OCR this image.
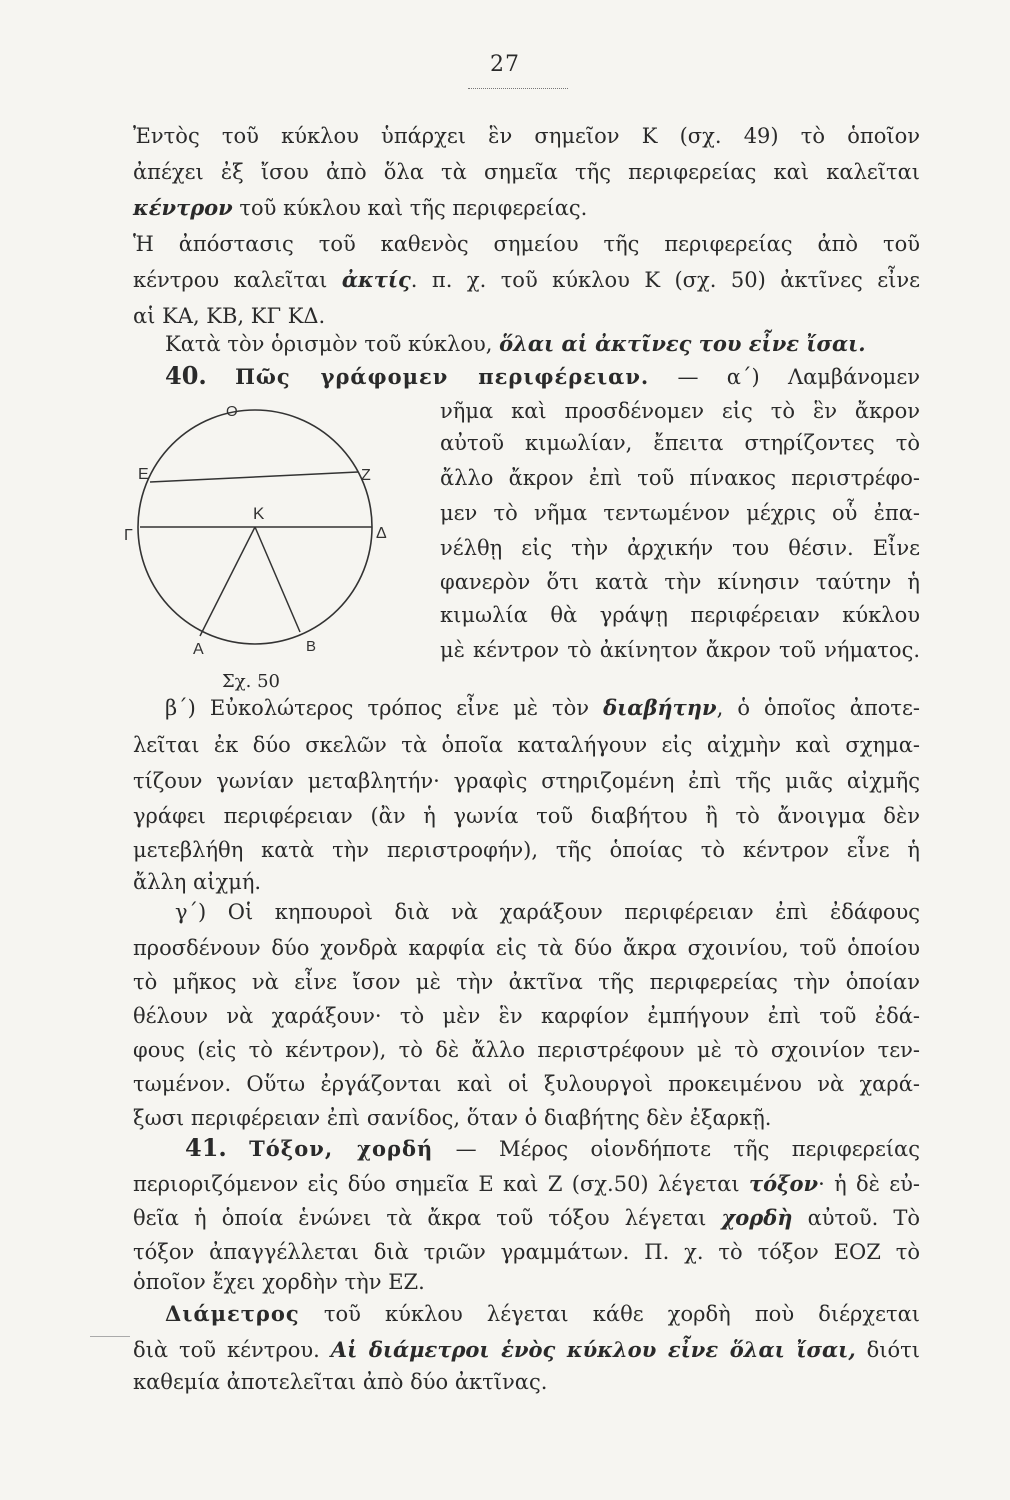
27
Ἐντὸς τοῦ κύκλου ὑπάρχει ἓν σημεῖον Κ (σχ. 49) τὸ ὁποῖον
ἀπέχει ἐξ ἴσου ἀπὸ ὅλα τὰ σημεῖα τῆς περιφερείας καὶ καλεῖται
κέντρον τοῦ κύκλου καὶ τῆς περιφερείας.
Ἡ ἀπόστασις τοῦ καθενὸς σημείου τῆς περιφερείας ἀπὸ τοῦ
κέντρου καλεῖται ἀκτίς. π. χ. τοῦ κύκλου Κ (σχ. 50) ἀκτῖνες εἶνε
αἱ ΚΑ, ΚΒ, ΚΓ ΚΔ.
Κατὰ τὸν ὁρισμὸν τοῦ κύκλου, ὅλαι αἱ ἀκτῖνες του εἶνε ἴσαι.
40. Πῶς γράφομεν περιφέρειαν. — α΄) Λαμβάνομεν
νῆμα καὶ προσδένομεν εἰς τὸ ἓν ἄκρον
αὐτοῦ κιμωλίαν, ἔπειτα στηρίζοντες τὸ
ἄλλο ἄκρον ἐπὶ τοῦ πίνακος περιστρέφο-
μεν τὸ νῆμα τεντωμένον μέχρις οὗ ἐπα-
νέλθῃ εἰς τὴν ἀρχικήν του θέσιν. Εἶνε
φανερὸν ὅτι κατὰ τὴν κίνησιν ταύτην ἡ
κιμωλία θὰ γράψῃ περιφέρειαν κύκλου
μὲ κέντρον τὸ ἀκίνητον ἄκρον τοῦ νήματος.
O
E	Z
Γ
K
Δ
A	B
Σχ. 50
β΄) Εὐκολώτερος τρόπος εἶνε μὲ τὸν διαβήτην, ὁ ὁποῖος ἀποτε-
λεῖται ἐκ δύο σκελῶν τὰ ὁποῖα καταλήγουν εἰς αἰχμὴν καὶ σχημα-
τίζουν γωνίαν μεταβλητήν· γραφὶς στηριζομένη ἐπὶ τῆς μιᾶς αἰχμῆς
γράφει περιφέρειαν (ἂν ἡ γωνία τοῦ διαβήτου ἢ τὸ ἄνοιγμα δὲν
μετεβλήθη κατὰ τὴν περιστροφήν), τῆς ὁποίας τὸ κέντρον εἶνε ἡ
ἄλλη αἰχμή.
γ΄) Οἱ κηπουροὶ διὰ νὰ χαράξουν περιφέρειαν ἐπὶ ἐδάφους
προσδένουν δύο χονδρὰ καρφία εἰς τὰ δύο ἄκρα σχοινίου, τοῦ ὁποίου
τὸ μῆκος νὰ εἶνε ἴσον μὲ τὴν ἀκτῖνα τῆς περιφερείας τὴν ὁποίαν
θέλουν νὰ χαράξουν· τὸ μὲν ἓν καρφίον ἐμπήγουν ἐπὶ τοῦ ἐδά-
φους (εἰς τὸ κέντρον), τὸ δὲ ἄλλο περιστρέφουν μὲ τὸ σχοινίον τεν-
τωμένον. Οὕτω ἐργάζονται καὶ οἱ ξυλουργοὶ προκειμένου νὰ χαρά-
ξωσι περιφέρειαν ἐπὶ σανίδος, ὅταν ὁ διαβήτης δὲν ἐξαρκῇ.
41. Τόξον, χορδή — Μέρος οἱονδήποτε τῆς περιφερείας
περιοριζόμενον εἰς δύο σημεῖα Ε καὶ Ζ (σχ.50) λέγεται τόξον· ἡ δὲ εὐ-
θεῖα ἡ ὁποία ἑνώνει τὰ ἄκρα τοῦ τόξου λέγεται χορδὴ αὐτοῦ. Τὸ
τόξον ἀπαγγέλλεται διὰ τριῶν γραμμάτων. Π. χ. τὸ τόξον ΕΟΖ τὸ
ὁποῖον ἔχει χορδὴν τὴν ΕΖ.
Διάμετρος τοῦ κύκλου λέγεται κάθε χορδὴ ποὺ διέρχεται
διὰ τοῦ κέντρου. Αἱ διάμετροι ἑνὸς κύκλου εἶνε ὅλαι ἴσαι, διότι
καθεμία ἀποτελεῖται ἀπὸ δύο ἀκτῖνας.
